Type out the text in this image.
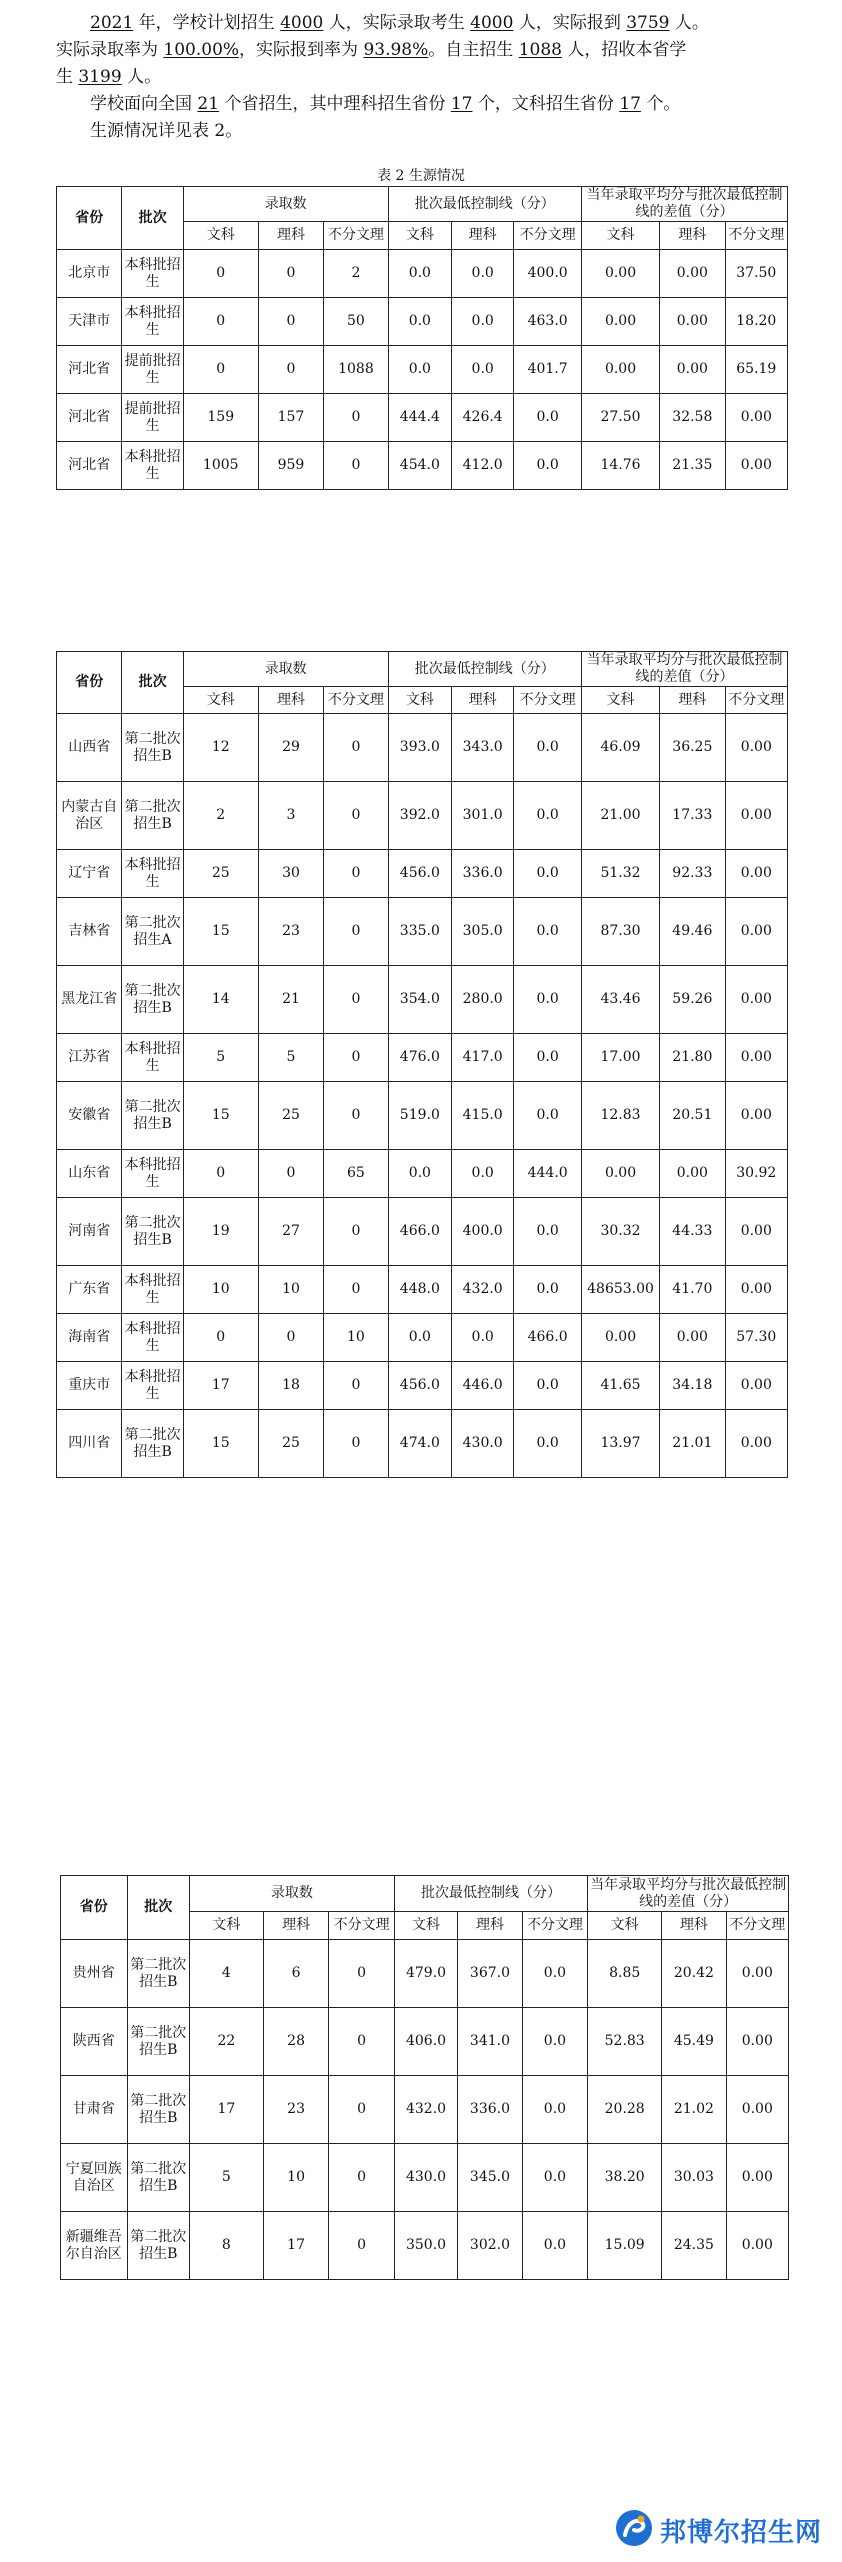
2021 年，学校计划招生 4000 人，实际录取考生 4000 人，实际报到 3759 人。

实际录取率为 100.00%，实际报到率为 93.98%。自主招生 1088 人，招收本省学

生 3199 人。

学校面向全国 21 个省招生，其中理科招生省份 17 个，文科招生省份 17 个。

生源情况详见表 2。

表 2 生源情况
省份	批次	录取数			批次最低控制线（分）			当年录取平均分与批次最低控制线的差值（分）		
		文科	理科	不分文理	文科	理科	不分文理	文科	理科	不分文理
北京市	本科批招生	0	0	2	0.0	0.0	400.0	0.00	0.00	37.50
天津市	本科批招生	0	0	50	0.0	0.0	463.0	0.00	0.00	18.20
河北省	提前批招生	0	0	1088	0.0	0.0	401.7	0.00	0.00	65.19
河北省	提前批招生	159	157	0	444.4	426.4	0.0	27.50	32.58	0.00
河北省	本科批招生	1005	959	0	454.0	412.0	0.0	14.76	21.35	0.00
省份	批次	录取数			批次最低控制线（分）			当年录取平均分与批次最低控制线的差值（分）		
		文科	理科	不分文理	文科	理科	不分文理	文科	理科	不分文理
山西省	第二批次招生B	12	29	0	393.0	343.0	0.0	46.09	36.25	0.00
内蒙古自治区	第二批次招生B	2	3	0	392.0	301.0	0.0	21.00	17.33	0.00
辽宁省	本科批招生	25	30	0	456.0	336.0	0.0	51.32	92.33	0.00
吉林省	第二批次招生A	15	23	0	335.0	305.0	0.0	87.30	49.46	0.00
黑龙江省	第二批次招生B	14	21	0	354.0	280.0	0.0	43.46	59.26	0.00
江苏省	本科批招生	5	5	0	476.0	417.0	0.0	17.00	21.80	0.00
安徽省	第二批次招生B	15	25	0	519.0	415.0	0.0	12.83	20.51	0.00
山东省	本科批招生	0	0	65	0.0	0.0	444.0	0.00	0.00	30.92
河南省	第二批次招生B	19	27	0	466.0	400.0	0.0	30.32	44.33	0.00
广东省	本科批招生	10	10	0	448.0	432.0	0.0	48653.00	41.70	0.00
海南省	本科批招生	0	0	10	0.0	0.0	466.0	0.00	0.00	57.30
重庆市	本科批招生	17	18	0	456.0	446.0	0.0	41.65	34.18	0.00
四川省	第二批次招生B	15	25	0	474.0	430.0	0.0	13.97	21.01	0.00
省份	批次	录取数			批次最低控制线（分）			当年录取平均分与批次最低控制线的差值（分）		
		文科	理科	不分文理	文科	理科	不分文理	文科	理科	不分文理
贵州省	第二批次招生B	4	6	0	479.0	367.0	0.0	8.85	20.42	0.00
陕西省	第二批次招生B	22	28	0	406.0	341.0	0.0	52.83	45.49	0.00
甘肃省	第二批次招生B	17	23	0	432.0	336.0	0.0	20.28	21.02	0.00
宁夏回族自治区	第二批次招生B	5	10	0	430.0	345.0	0.0	38.20	30.03	0.00
新疆维吾尔自治区	第二批次招生B	8	17	0	350.0	302.0	0.0	15.09	24.35	0.00
邦博尔招生网
